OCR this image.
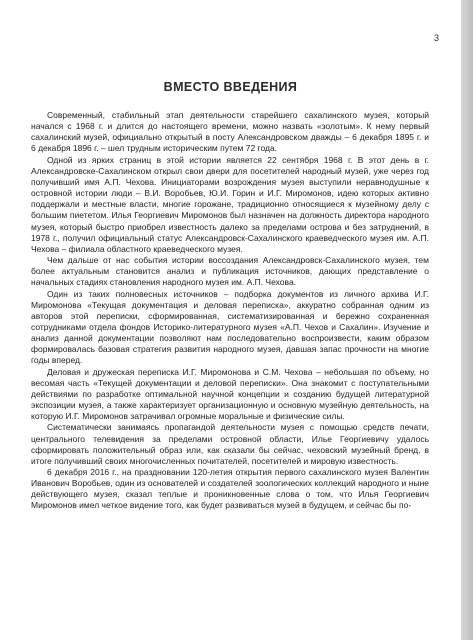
3
ВМЕСТО ВВЕДЕНИЯ

Современный, стабильный этап деятельности старейшего сахалинского музея, который начался с 1968 г. и длится до настоящего времени, можно назвать «золотым». К нему первый сахалинский музей, официально открытый в посту Александровском дважды – 6 декабря 1895 г. и 6 декабря 1896 г. – шел трудным историческим путем 72 года.

Одной из ярких страниц в этой истории является 22 сентября 1968 г. В этот день в г. Александровске-Сахалинском открыл свои двери для посетителей народный музей, уже через год получивший имя А.П. Чехова. Инициаторами возрождения музея выступили неравнодушные к островной истории люди – В.И. Воробьев, Ю.И. Горин и И.Г. Миромонов, идею которых активно поддержали и местные власти, многие горожане, традиционно относящиеся к музейному делу с большим пиететом. Илья Георгиевич Миромонов был назначен на должность директора народного музея, который быстро приобрел известность далеко за пределами острова и без затруднений, в 1978 г., получил официальный статус Александровск-Сахалинского краеведческого музея им. А.П. Чехова – филиала областного краеведческого музея.

Чем дальше от нас события истории воссоздания Александровск-Сахалинского музея, тем более актуальным становится анализ и публикация источников, дающих представление о начальных стадиях становления народного музея им. А.П. Чехова.

Один из таких полновесных источников – подборка документов из личного архива И.Г. Миромонова «Текущая документация и деловая переписка», аккуратно собранная одним из авторов этой переписки, сформированная, систематизированная и бережно сохраненная сотрудниками отдела фондов Историко-литературного музея «А.П. Чехов и Сахалин». Изучение и анализ данной документации позволяют нам последовательно воспроизвести, каким образом формировалась базовая стратегия развития народного музея, давшая запас прочности на многие годы вперед.

Деловая и дружеская переписка И.Г. Миромонова и С.М. Чехова – небольшая по объему, но весомая часть «Текущей документации и деловой переписки». Она знакомит с поступательными действиями по разработке оптимальной научной концепции и созданию будущей литературной экспозиции музея, а также характеризует организационную и основную музейную деятельность, на которую И.Г. Миромонов затрачивал огромные моральные и физические силы.

Систематически занимаясь пропагандой деятельности музея с помощью средств печати, центрального телевидения за пределами островной области, Илье Георгиевичу удалось сформировать положительный образ или, как сказали бы сейчас, чеховский музейный бренд, в итоге получивший своих многочисленных почитателей, посетителей и мировую известность.

6 декабря 2016 г., на праздновании 120-летия открытия первого сахалинского музея Валентин Иванович Воробьев, один из основателей и создателей зоологических коллекций народного и ныне действующего музея, сказал теплые и проникновенные слова о том, что Илья Георгиевич Миромонов имел четкое видение того, как будет развиваться музей в будущем, и сейчас бы по-
